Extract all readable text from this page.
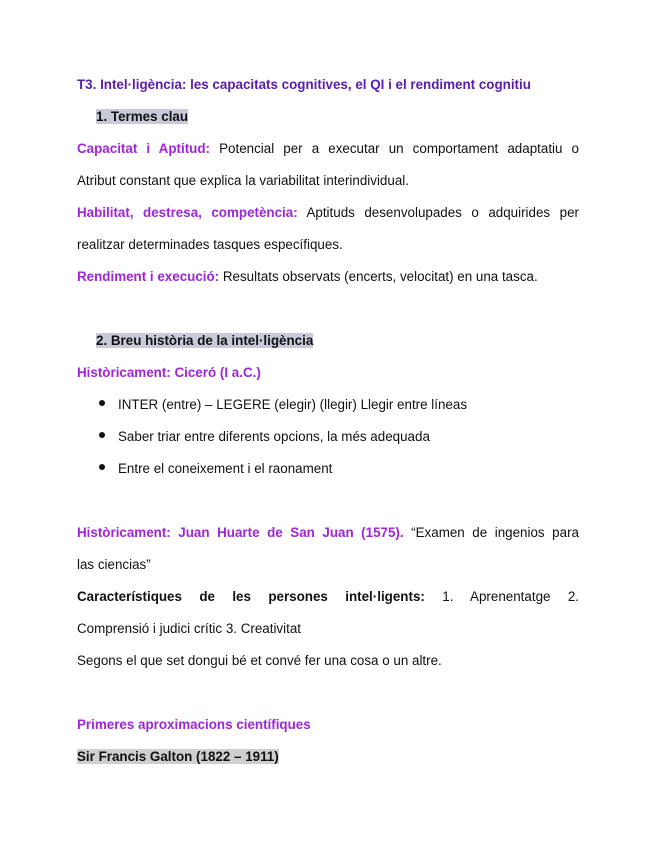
T3. Intel·ligència: les capacitats cognitives, el QI i el rendiment cognitiu
1. Termes clau
Capacitat i Aptitud: Potencial per a executar un comportament adaptatiu o
Atribut constant que explica la variabilitat interindividual.
Habilitat, destresa, competència: Aptituds desenvolupades o adquirides per
realitzar determinades tasques específiques.
Rendiment i execució: Resultats observats (encerts, velocitat) en una tasca.
2. Breu història de la intel·ligència
Històricament: Ciceró (I a.C.)
INTER (entre) – LEGERE (elegir) (llegir) Llegir entre líneas
Saber triar entre diferents opcions, la més adequada
Entre el coneixement i el raonament
Històricament: Juan Huarte de San Juan (1575). “Examen de ingenios para
las ciencias”
Característiques de les persones intel·ligents: 1. Aprenentatge 2.
Comprensió i judici crític 3. Creativitat
Segons el que set dongui bé et convé fer una cosa o un altre.
Primeres aproximacions científiques
Sir Francis Galton (1822 – 1911)
